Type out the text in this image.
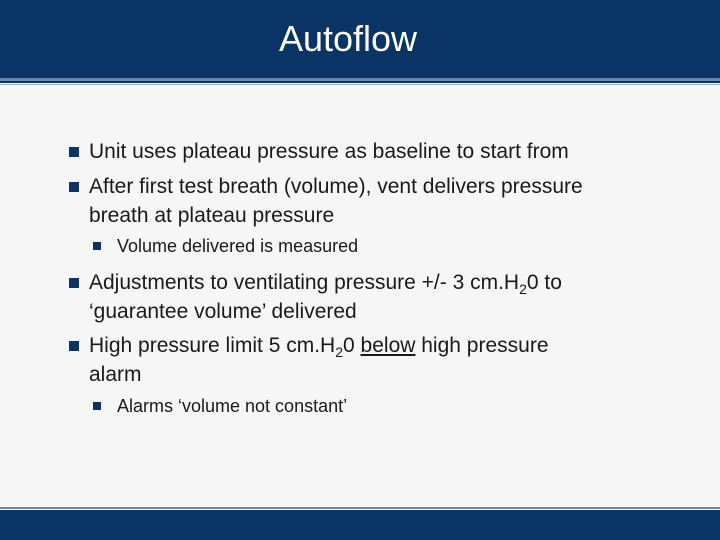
Autoflow
Unit uses plateau pressure as baseline to start from
After first test breath (volume), vent delivers pressure
breath at plateau pressure
Volume delivered is measured
Adjustments to ventilating pressure +/- 3 $cm.H_20$ to
‘guarantee volume’ delivered
High pressure limit 5 $cm.H_20$ below high pressure
alarm
Alarms ‘volume not constant’
